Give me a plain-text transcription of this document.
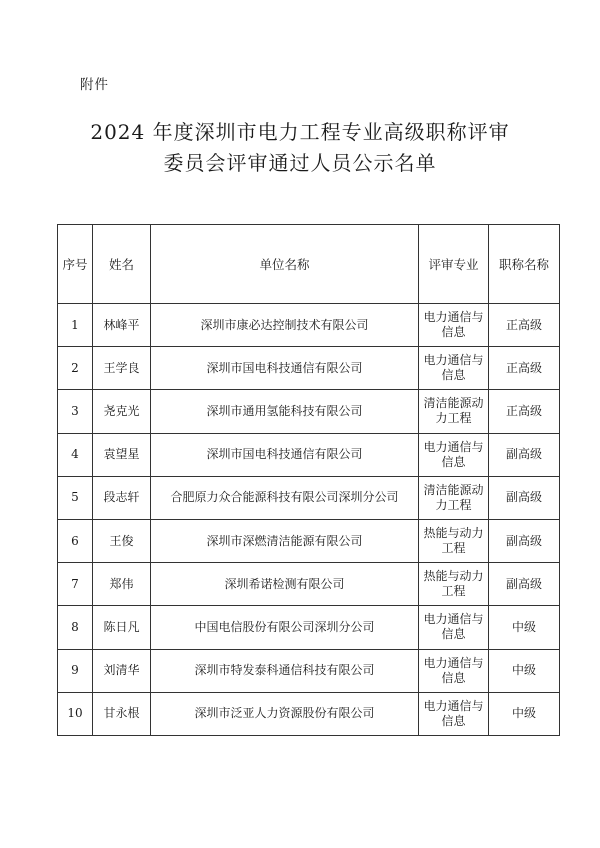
附件
2024 年度深圳市电力工程专业高级职称评审
委员会评审通过人员公示名单
序号	姓名	单位名称	评审专业	职称名称
1	林峰平	深圳市康必达控制技术有限公司	电力通信与信息	正高级
2	王学良	深圳市国电科技通信有限公司	电力通信与信息	正高级
3	尧克光	深圳市通用氢能科技有限公司	清洁能源动力工程	正高级
4	袁望星	深圳市国电科技通信有限公司	电力通信与信息	副高级
5	段志轩	合肥原力众合能源科技有限公司深圳分公司	清洁能源动力工程	副高级
6	王俊	深圳市深燃清洁能源有限公司	热能与动力工程	副高级
7	郑伟	深圳希诺检测有限公司	热能与动力工程	副高级
8	陈日凡	中国电信股份有限公司深圳分公司	电力通信与信息	中级
9	刘清华	深圳市特发泰科通信科技有限公司	电力通信与信息	中级
10	甘永根	深圳市泛亚人力资源股份有限公司	电力通信与信息	中级
